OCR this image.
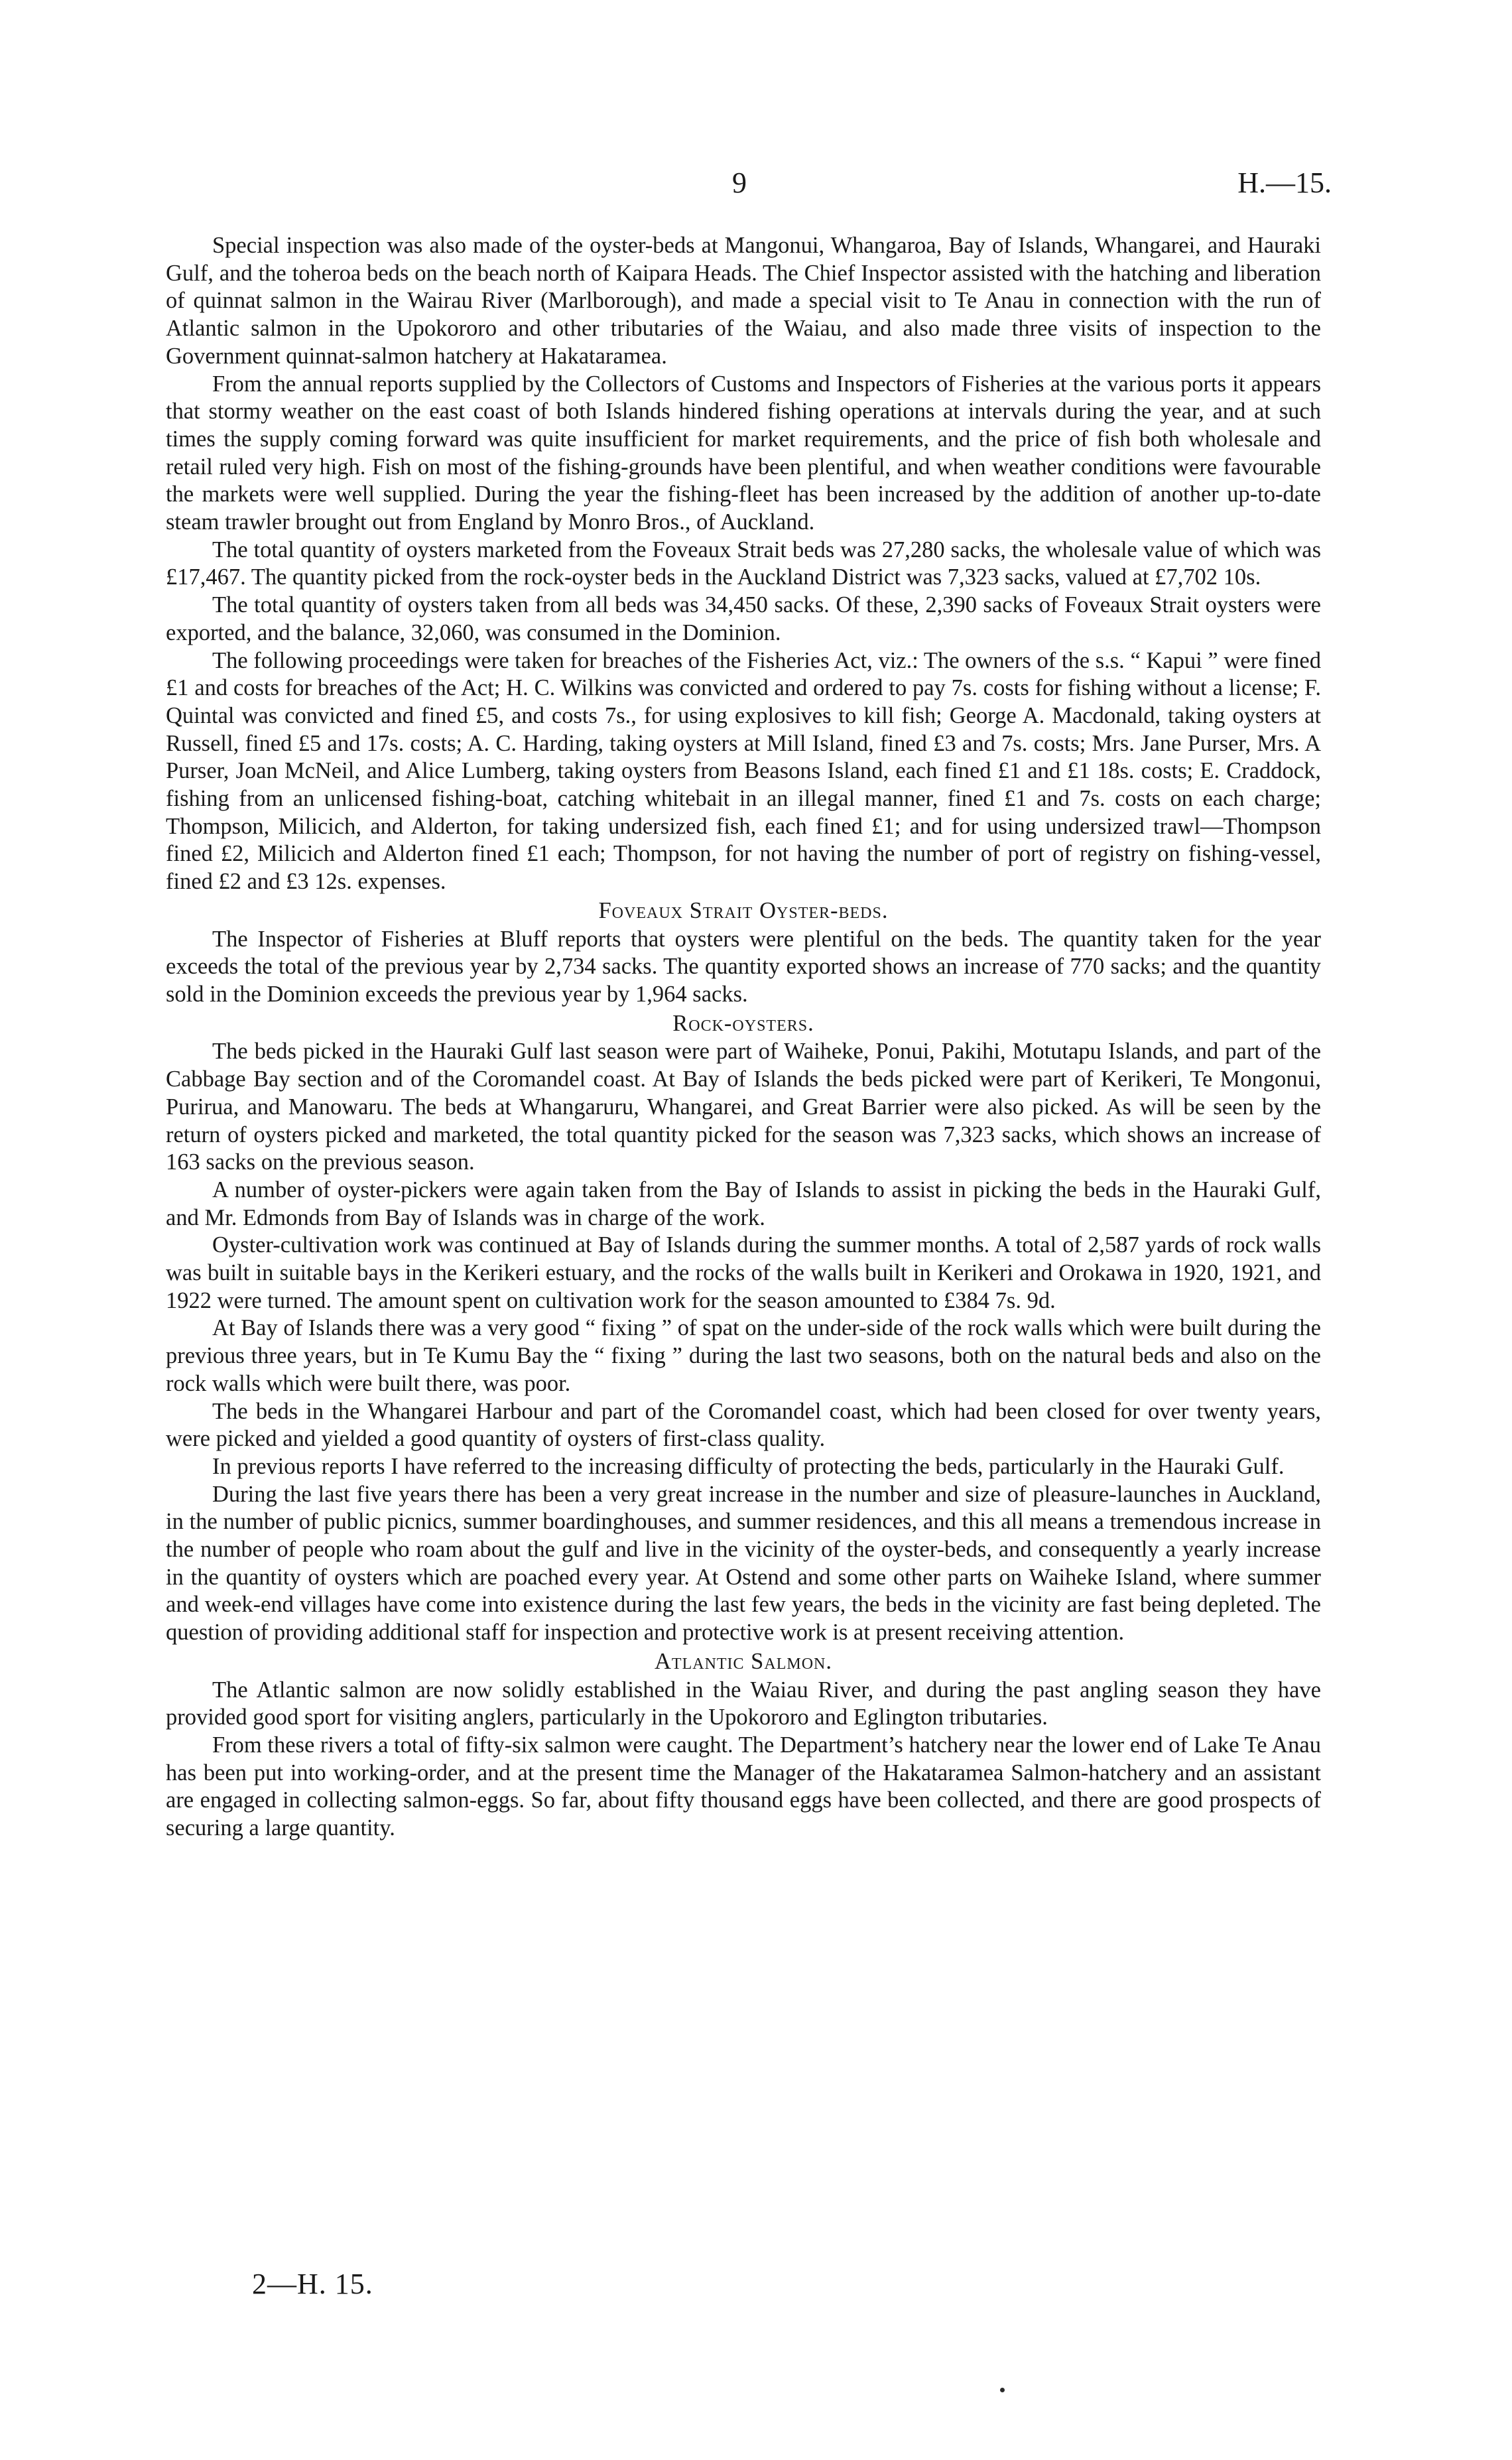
9	H.—15.

Special inspection was also made of the oyster-beds at Mangonui, Whangaroa, Bay of Islands, Whangarei, and Hauraki Gulf, and the toheroa beds on the beach north of Kaipara Heads. The Chief Inspector assisted with the hatching and liberation of quinnat salmon in the Wairau River (Marlborough), and made a special visit to Te Anau in connection with the run of Atlantic salmon in the Upokororo and other tributaries of the Waiau, and also made three visits of inspection to the Government quinnat-salmon hatchery at Hakataramea.

From the annual reports supplied by the Collectors of Customs and Inspectors of Fisheries at the various ports it appears that stormy weather on the east coast of both Islands hindered fishing operations at intervals during the year, and at such times the supply coming forward was quite insufficient for market requirements, and the price of fish both wholesale and retail ruled very high. Fish on most of the fishing-grounds have been plentiful, and when weather conditions were favourable the markets were well supplied. During the year the fishing-fleet has been increased by the addition of another up-to-date steam trawler brought out from England by Monro Bros., of Auckland.

The total quantity of oysters marketed from the Foveaux Strait beds was 27,280 sacks, the wholesale value of which was £17,467. The quantity picked from the rock-oyster beds in the Auckland District was 7,323 sacks, valued at £7,702 10s.

The total quantity of oysters taken from all beds was 34,450 sacks. Of these, 2,390 sacks of Foveaux Strait oysters were exported, and the balance, 32,060, was consumed in the Dominion.

The following proceedings were taken for breaches of the Fisheries Act, viz.: The owners of the s.s. “ Kapui ” were fined £1 and costs for breaches of the Act; H. C. Wilkins was convicted and ordered to pay 7s. costs for fishing without a license; F. Quintal was convicted and fined £5, and costs 7s., for using explosives to kill fish; George A. Macdonald, taking oysters at Russell, fined £5 and 17s. costs; A. C. Harding, taking oysters at Mill Island, fined £3 and 7s. costs; Mrs. Jane Purser, Mrs. A Purser, Joan McNeil, and Alice Lumberg, taking oysters from Beasons Island, each fined £1 and £1 18s. costs; E. Craddock, fishing from an unlicensed fishing-boat, catching whitebait in an illegal manner, fined £1 and 7s. costs on each charge; Thompson, Milicich, and Alderton, for taking undersized fish, each fined £1; and for using undersized trawl—Thompson fined £2, Milicich and Alderton fined £1 each; Thompson, for not having the number of port of registry on fishing-vessel, fined £2 and £3 12s. expenses.

Foveaux Strait Oyster-beds.

The Inspector of Fisheries at Bluff reports that oysters were plentiful on the beds. The quantity taken for the year exceeds the total of the previous year by 2,734 sacks. The quantity exported shows an increase of 770 sacks; and the quantity sold in the Dominion exceeds the previous year by 1,964 sacks.

Rock-oysters.

The beds picked in the Hauraki Gulf last season were part of Waiheke, Ponui, Pakihi, Motutapu Islands, and part of the Cabbage Bay section and of the Coromandel coast. At Bay of Islands the beds picked were part of Kerikeri, Te Mongonui, Purirua, and Manowaru. The beds at Whangaruru, Whangarei, and Great Barrier were also picked. As will be seen by the return of oysters picked and marketed, the total quantity picked for the season was 7,323 sacks, which shows an increase of 163 sacks on the previous season.

A number of oyster-pickers were again taken from the Bay of Islands to assist in picking the beds in the Hauraki Gulf, and Mr. Edmonds from Bay of Islands was in charge of the work.

Oyster-cultivation work was continued at Bay of Islands during the summer months. A total of 2,587 yards of rock walls was built in suitable bays in the Kerikeri estuary, and the rocks of the walls built in Kerikeri and Orokawa in 1920, 1921, and 1922 were turned. The amount spent on cultivation work for the season amounted to £384 7s. 9d.

At Bay of Islands there was a very good “ fixing ” of spat on the under-side of the rock walls which were built during the previous three years, but in Te Kumu Bay the “ fixing ” during the last two seasons, both on the natural beds and also on the rock walls which were built there, was poor.

The beds in the Whangarei Harbour and part of the Coromandel coast, which had been closed for over twenty years, were picked and yielded a good quantity of oysters of first-class quality.

In previous reports I have referred to the increasing difficulty of protecting the beds, particularly in the Hauraki Gulf.

During the last five years there has been a very great increase in the number and size of pleasure-launches in Auckland, in the number of public picnics, summer boardinghouses, and summer residences, and this all means a tremendous increase in the number of people who roam about the gulf and live in the vicinity of the oyster-beds, and consequently a yearly increase in the quantity of oysters which are poached every year. At Ostend and some other parts on Waiheke Island, where summer and week-end villages have come into existence during the last few years, the beds in the vicinity are fast being depleted. The question of providing additional staff for inspection and protective work is at present receiving attention.

Atlantic Salmon.

The Atlantic salmon are now solidly established in the Waiau River, and during the past angling season they have provided good sport for visiting anglers, particularly in the Upokororo and Eglington tributaries.

From these rivers a total of fifty-six salmon were caught. The Department’s hatchery near the lower end of Lake Te Anau has been put into working-order, and at the present time the Manager of the Hakataramea Salmon-hatchery and an assistant are engaged in collecting salmon-eggs. So far, about fifty thousand eggs have been collected, and there are good prospects of securing a large quantity.

2—H. 15.
